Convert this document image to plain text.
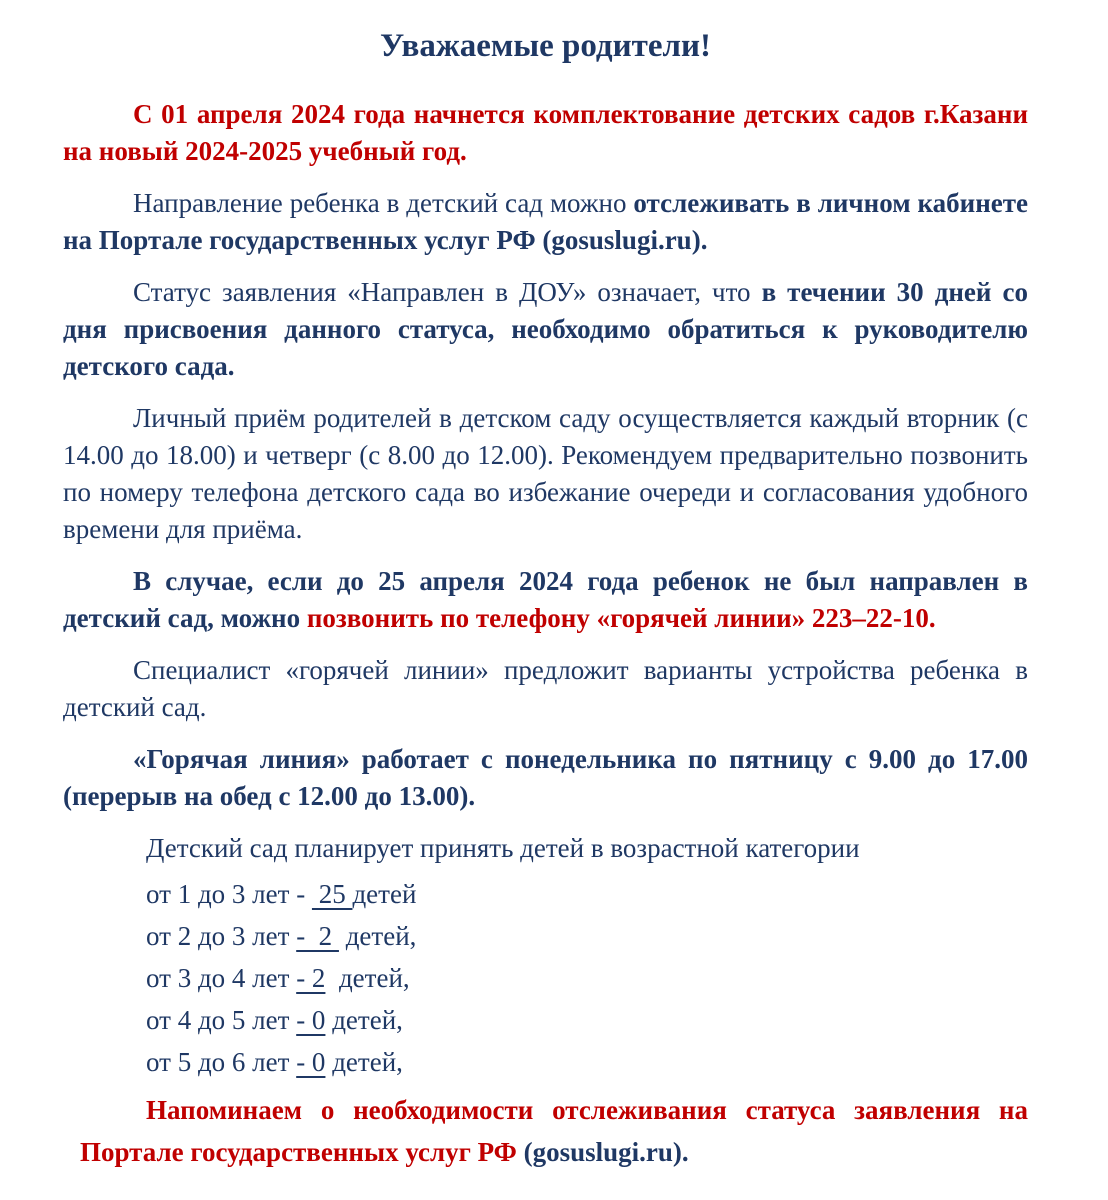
Уважаемые родители!

С 01 апреля 2024 года начнется комплектование детских садов г.Казани на новый 2024-2025 учебный год.

Направление ребенка в детский сад можно отслеживать в личном кабинете на Портале государственных услуг РФ (gosuslugi.ru).

Статус заявления «Направлен в ДОУ» означает, что в течении 30 дней со дня присвоения данного статуса, необходимо обратиться к руководителю детского сада.

Личный приём родителей в детском саду осуществляется каждый вторник (с 14.00 до 18.00) и четверг (с 8.00 до 12.00). Рекомендуем предварительно позвонить по номеру телефона детского сада во избежание очереди и согласования удобного времени для приёма.

В случае, если до 25 апреля 2024 года ребенок не был направлен в детский сад, можно позвонить по телефону «горячей линии» 223–22-10.

Специалист «горячей линии» предложит варианты устройства ребенка в детский сад.

«Горячая линия» работает с понедельника по пятницу с 9.00 до 17.00 (перерыв на обед с 12.00 до 13.00).

Детский сад планирует принять детей в возрастной категории

от 1 до 3 лет -  25 детей
от 2 до 3 лет -  2  детей,
от 3 до 4 лет - 2  детей,
от 4 до 5 лет - 0 детей,
от 5 до 6 лет - 0 детей,

Напоминаем о необходимости отслеживания статуса заявления на Портале государственных услуг РФ (gosuslugi.ru).
